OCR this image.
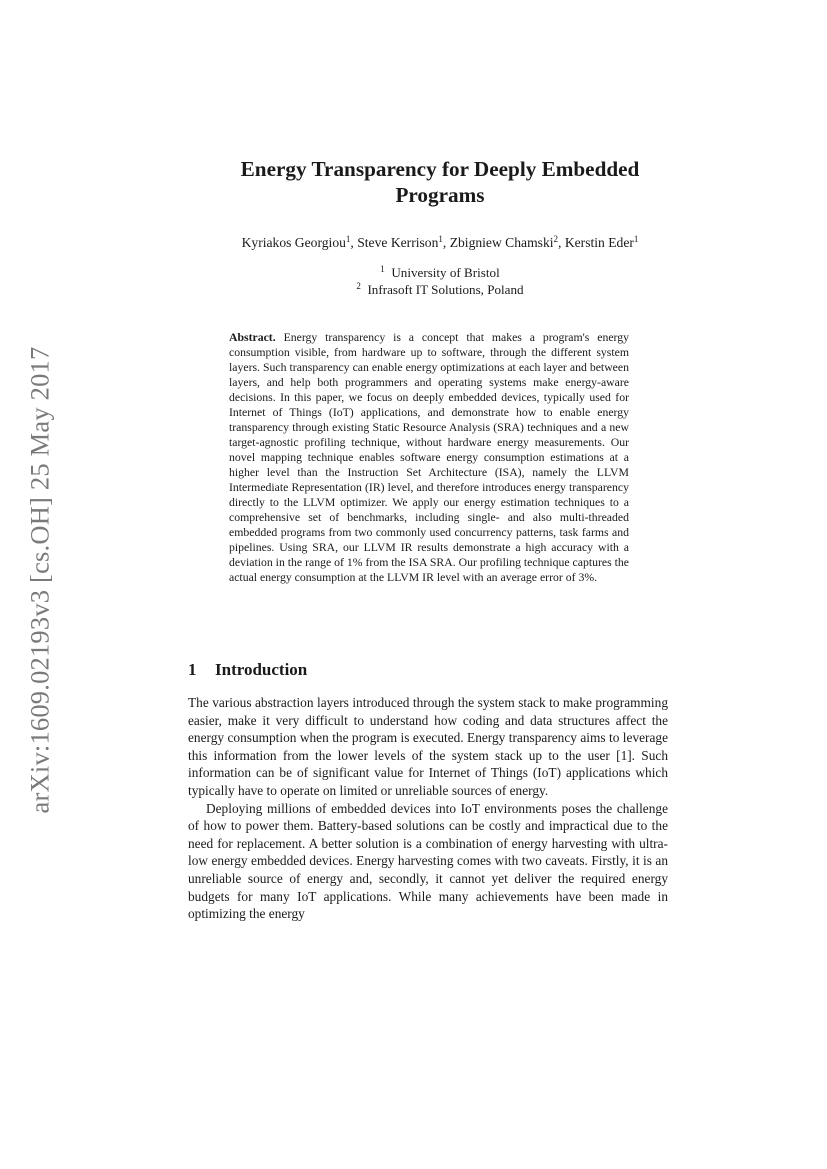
arXiv:1609.02193v3 [cs.OH] 25 May 2017
Energy Transparency for Deeply Embedded
Programs
Kyriakos Georgiou$^1$, Steve Kerrison$^1$, Zbigniew Chamski$^2$, Kerstin Eder$^1$
$^1$ University of Bristol
$^2$ Infrasoft IT Solutions, Poland
Abstract. Energy transparency is a concept that makes a program's energy consumption visible, from hardware up to software, through the different system layers. Such transparency can enable energy optimizations at each layer and between layers, and help both programmers and operating systems make energy-aware decisions. In this paper, we focus on deeply embedded devices, typically used for Internet of Things (IoT) applications, and demonstrate how to enable energy transparency through existing Static Resource Analysis (SRA) techniques and a new target-agnostic profiling technique, without hardware energy measurements. Our novel mapping technique enables software energy consumption estimations at a higher level than the Instruction Set Architecture (ISA), namely the LLVM Intermediate Representation (IR) level, and therefore introduces energy transparency directly to the LLVM optimizer. We apply our energy estimation techniques to a comprehensive set of benchmarks, including single- and also multi-threaded embedded programs from two commonly used concurrency patterns, task farms and pipelines. Using SRA, our LLVM IR results demonstrate a high accuracy with a deviation in the range of 1% from the ISA SRA. Our profiling technique captures the actual energy consumption at the LLVM IR level with an average error of 3%.
1 Introduction

The various abstraction layers introduced through the system stack to make programming easier, make it very difficult to understand how coding and data structures affect the energy consumption when the program is executed. Energy transparency aims to leverage this information from the lower levels of the system stack up to the user [1]. Such information can be of significant value for Internet of Things (IoT) applications which typically have to operate on limited or unreliable sources of energy.

Deploying millions of embedded devices into IoT environments poses the challenge of how to power them. Battery-based solutions can be costly and impractical due to the need for replacement. A better solution is a combination of energy harvesting with ultra-low energy embedded devices. Energy harvesting comes with two caveats. Firstly, it is an unreliable source of energy and, secondly, it cannot yet deliver the required energy budgets for many IoT applications. While many achievements have been made in optimizing the energy
